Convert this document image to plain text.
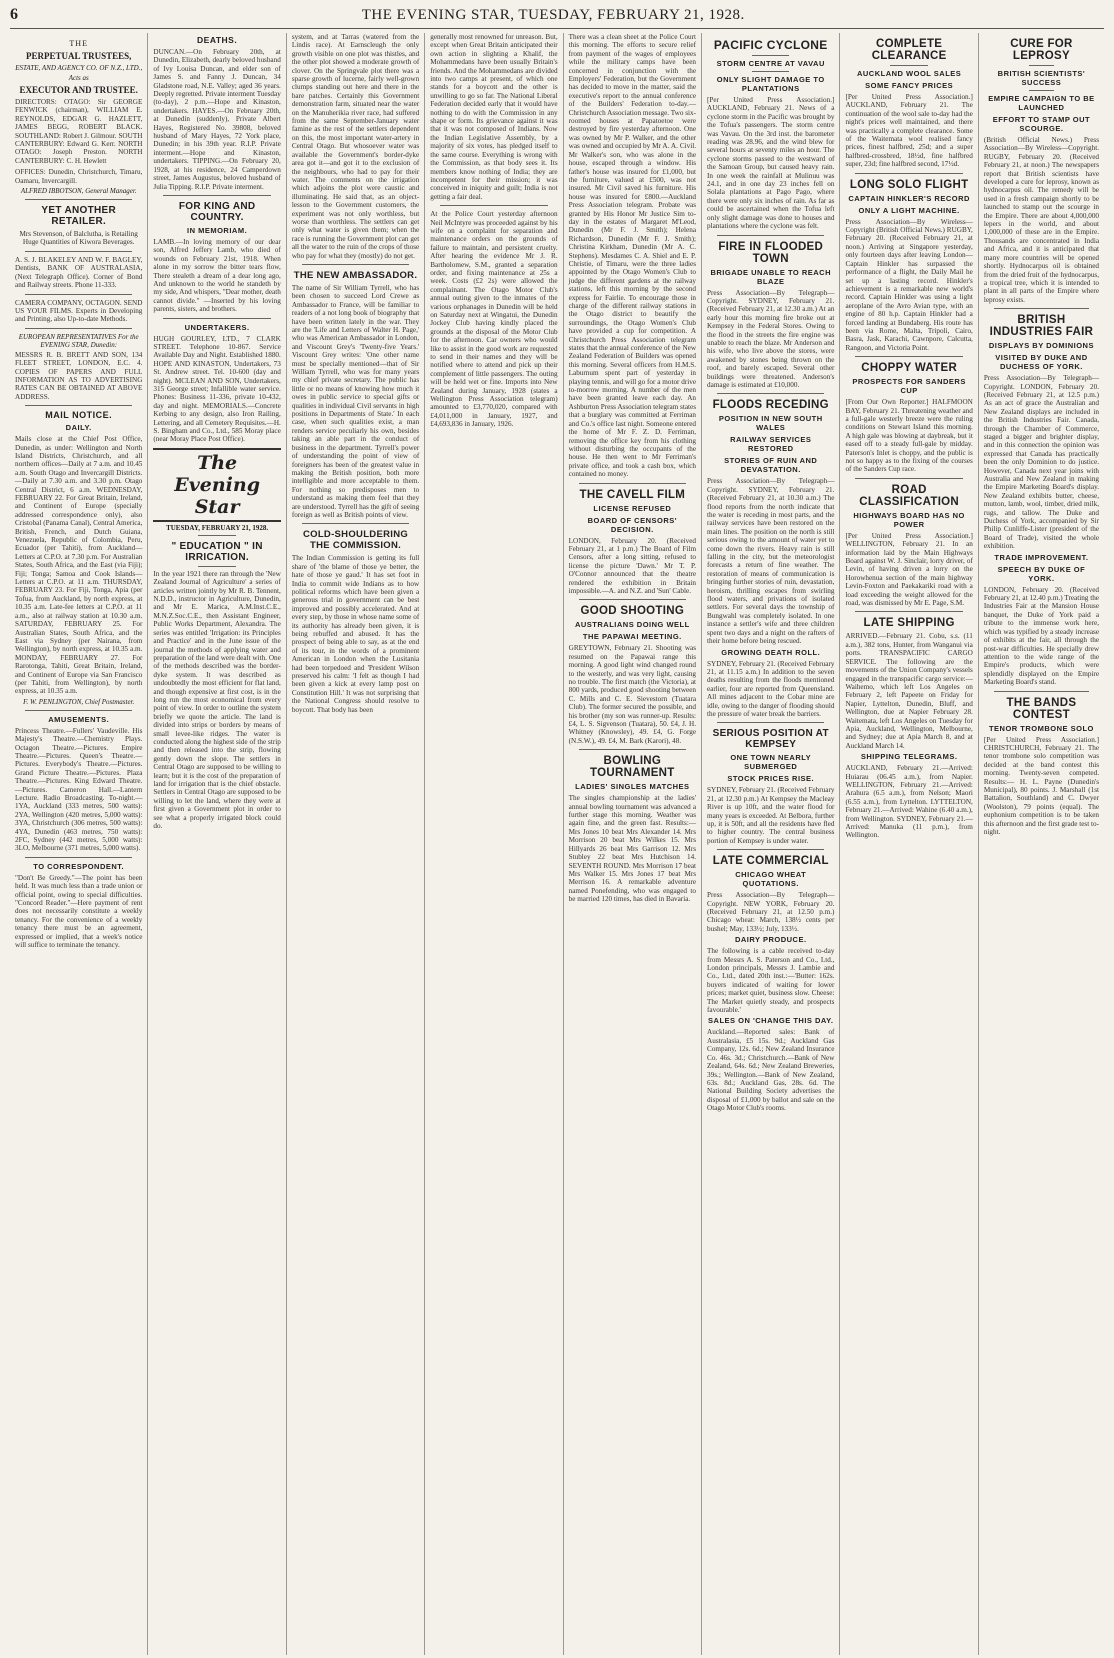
6	THE EVENING STAR, TUESDAY, FEBRUARY 21, 1928.
THE
PERPETUAL TRUSTEES,
ESTATE, AND AGENCY CO. OF N.Z., LTD.,
Acts as
EXECUTOR AND TRUSTEE.
DIRECTORS: OTAGO: Sir GEORGE FENWICK (chairman), WILLIAM E. REYNOLDS, EDGAR G. HAZLETT, JAMES BEGG, ROBERT BLACK. SOUTHLAND: Robert J. Gilmour. SOUTH CANTERBURY: Edward G. Kerr. NORTH OTAGO: Joseph Preston. NORTH CANTERBURY: C. H. Hewlett
OFFICES: Dunedin, Christchurch, Timaru, Oamaru, Invercargill.
ALFRED IBBOTSON, General Manager.
YET ANOTHER RETAILER.
Mrs Stevenson, of Balclutha, is Retailing Huge Quantities of Kiwora Beverages.
A. S. J. BLAKELEY AND W. F. BAGLEY, Dentists, BANK OF AUSTRALASIA, (Next Telegraph Office). Corner of Bond and Railway streets. Phone 11-333.
CAMERA COMPANY, OCTAGON. SEND US YOUR FILMS. Experts in Developing and Printing, also Up-to-date Methods.
EUROPEAN REPRESENTATIVES For the EVENING STAR, Dunedin:
MESSRS R. B. BRETT AND SON, 134 FLEET STREET, LONDON, E.C. 4. COPIES OF PAPERS AND FULL INFORMATION AS TO ADVERTISING RATES CAN BE OBTAINED AT ABOVE ADDRESS.
MAIL NOTICE.
DAILY.
Mails close at the Chief Post Office, Dunedin, as under: Wellington and North Island Districts, Christchurch, and all northern offices—Daily at 7 a.m. and 10.45 a.m. South Otago and Invercargill Districts.—Daily at 7.30 a.m. and 3.30 p.m. Otago Central District, 6 a.m. WEDNESDAY, FEBRUARY 22. For Great Britain, Ireland, and Continent of Europe (specially addressed correspondence only), also Cristobal (Panama Canal), Central America, British, French, and Dutch Guiana, Venezuela, Republic of Colombia, Peru, Ecuador (per Tahiti), from Auckland—Letters at C.P.O. at 7.30 p.m. For Australian States, South Africa, and the East (via Fiji); Fiji; Tonga; Samoa and Cook Islands—Letters at C.P.O. at 11 a.m. THURSDAY, FEBRUARY 23. For Fiji, Tonga, Apia (per Tofua, from Auckland, by north express, at 10.35 a.m. Late-fee letters at C.P.O. at 11 a.m., also at railway station at 10.30 a.m. SATURDAY, FEBRUARY 25. For Australian States, South Africa, and the East via Sydney (per Nairana, from Wellington), by north express, at 10.35 a.m. MONDAY, FEBRUARY 27. For Rarotonga, Tahiti, Great Britain, Ireland, and Continent of Europe via San Francisco (per Tahiti, from Wellington), by north express, at 10.35 a.m.
F. W. PENLINGTON, Chief Postmaster.
AMUSEMENTS.
Princess Theatre.—Fullers' Vaudeville. His Majesty's Theatre.—Chemistry Plays. Octagon Theatre.—Pictures. Empire Theatre.—Pictures. Queen's Theatre.—Pictures. Everybody's Theatre.—Pictures. Grand Picture Theatre.—Pictures. Plaza Theatre.—Pictures. King Edward Theatre.—Pictures. Cameron Hall.—Lantern Lecture. Radio Broadcasting. To-night.—1YA, Auckland (333 metres, 500 watts): 2YA, Wellington (420 metres, 5,000 watts): 3YA, Christchurch (306 metres, 500 watts): 4YA, Dunedin (463 metres, 750 watts): 2FC, Sydney (442 metres, 5,000 watts): 3LO, Melbourne (371 metres, 5,000 watts).
TO CORRESPONDENT.
"Don't Be Greedy."—The point has been held. It was much less than a trade union or official point, owing to special difficulties. "Concord Reader."—Here payment of rent does not necessarily constitute a weekly tenancy. For the convenience of a weekly tenancy there must be an agreement, expressed or implied, that a week's notice will suffice to terminate the tenancy.
DEATHS.
DUNCAN.—On February 20th, at Dunedin, Elizabeth, dearly beloved husband of Ivy Louisa Duncan, and elder son of James S. and Fanny J. Duncan, 34 Gladstone road, N.E. Valley; aged 36 years. Deeply regretted. Private interment Tuesday (to-day), 2 p.m.—Hope and Kinaston, undertakers. HAYES.—On February 20th, at Dunedin (suddenly), Private Albert Hayes, Registered No. 39808, beloved husband of Mary Hayes, 72 York place, Dunedin; in his 39th year. R.I.P. Private interment.—Hope and Kinaston, undertakers. TIPPING.—On February 20, 1928, at his residence, 24 Camperdown street, James Augustus, beloved husband of Julia Tipping. R.I.P. Private interment.
FOR KING AND COUNTRY.
IN MEMORIAM.
LAMB.—In loving memory of our dear son, Alfred Jeffery Lamb, who died of wounds on February 21st, 1918. When alone in my sorrow the bitter tears flow, There stealeth a dream of a dear long ago, And unknown to the world he standeth by my side, And whispers, "Dear mother, death cannot divide." —Inserted by his loving parents, sisters, and brothers.
UNDERTAKERS.
HUGH GOURLEY, LTD., 7 CLARK STREET. Telephone 10-867. Service Available Day and Night. Established 1880. HOPE AND KINASTON, Undertakers, 73 St. Andrew street. Tel. 10-600 (day and night). MCLEAN AND SON, Undertakers, 315 George street; Infallible water service. Phones: Business 11-336, private 10-432, day and night. MEMORIALS.—Concrete Kerbing to any design, also Iron Railing, Lettering, and all Cemetery Requisites.—H. S. Bingham and Co., Ltd., 585 Moray place (near Moray Place Post Office).
The Evening Star
TUESDAY, FEBRUARY 21, 1928.
" EDUCATION " IN IRRICATION.
In the year 1921 there ran through the 'New Zealand Journal of Agriculture' a series of articles written jointly by Mr R. B. Tennent, N.D.D., instructor in Agriculture, Dunedin, and Mr E. Marica, A.M.Inst.C.E., M.N.Z.Soc.C.E., then Assistant Engineer, Public Works Department, Alexandra. The series was entitled 'Irrigation: its Principles and Practice' and in the June issue of the journal the methods of applying water and preparation of the land were dealt with. One of the methods described was the border-dyke system. It was described as undoubtedly the most efficient for flat land, and though expensive at first cost, is in the long run the most economical from every point of view. In order to outline the system briefly we quote the article. The land is divided into strips or borders by means of small levee-like ridges. The water is conducted along the highest side of the strip and then released into the strip, flowing gently down the slope. The settlers in Central Otago are supposed to be willing to learn; but it is the cost of the preparation of land for irrigation that is the chief obstacle. Settlers in Central Otago are supposed to be willing to let the land, where they were at first given a Government plot in order to see what a properly irrigated block could do.
system, and at Tarras (watered from the Lindis race). At Earnscleugh the only growth visible on one plot was thistles, and the other plot showed a moderate growth of clover. On the Springvale plot there was a sparse growth of lucerne, fairly well-grown clumps standing out here and there in the bare patches. Certainly this Government demonstration farm, situated near the water on the Manuherikia river race, had suffered from the same September-January water famine as the rest of the settlers dependent on this, the most important water-artery in Central Otago. But whosoever water was available the Government's border-dyke area got it—and got it to the exclusion of the neighbours, who had to pay for their water. The comments on the irrigation which adjoins the plot were caustic and illuminating. He said that, as an object-lesson to the Government customers, the experiment was not only worthless, but worse than worthless. The settlers can get only what water is given them; when the race is running the Government plot can get all the water to the ruin of the crops of those who pay for what they (mostly) do not get.
THE NEW AMBASSADOR.
The name of Sir William Tyrrell, who has been chosen to succeed Lord Crewe as Ambassador to France, will be familiar to readers of a not long book of biography that have been written lately in the war. They are the 'Life and Letters of Walter H. Page,' who was American Ambassador in London, and Viscount Grey's 'Twenty-five Years.' Viscount Grey writes: 'One other name must be specially mentioned—that of Sir William Tyrrell, who was for many years my chief private secretary. The public has little or no means of knowing how much it owes in public service to special gifts or qualities in individual Civil servants in high positions in Departments of State.' In each case, when such qualities exist, a man renders service peculiarly his own, besides taking an able part in the conduct of business in the department. Tyrrell's power of understanding the point of view of foreigners has been of the greatest value in making the British position, both more intelligible and more acceptable to them. For nothing so predisposes men to understand as making them feel that they are understood. Tyrrell has the gift of seeing foreign as well as British points of view.
COLD-SHOULDERING THE COMMISSION.
The Indian Commission is getting its full share of 'the blame of those ye better, the hate of those ye gaud.' It has set foot in India to commit wide Indians as to how political reforms which have been given a generous trial in government can be best improved and possibly accelerated. And at every step, by those in whose name some of its authority has already been given, it is being rebuffed and abused. It has the prospect of being able to say, as at the end of its tour, in the words of a prominent American in London when the Lusitania had been torpedoed and 'President Wilson preserved his calm: 'I felt as though I had been given a kick at every lamp post on Constitution Hill.' It was not surprising that the National Congress should resolve to boycott. That body has been
generally most renowned for unreason. But, except when Great Britain anticipated their own action in slighting a Khalif, the Mohammedans have been usually Britain's friends. And the Mohammedans are divided into two camps at present, of which one stands for a boycott and the other is unwilling to go so far. The National Liberal Federation decided early that it would have nothing to do with the Commission in any shape or form. Its grievance against it was that it was not composed of Indians. Now the Indian Legislative Assembly, by a majority of six votes, has pledged itself to the same course. Everything is wrong with the Commission, as that body sees it. Its members know nothing of India; they are incompetent for their mission; it was conceived in iniquity and guilt; India is not getting a fair deal.
At the Police Court yesterday afternoon Neil McIntyre was proceeded against by his wife on a complaint for separation and maintenance orders on the grounds of failure to maintain, and persistent cruelty. After hearing the evidence Mr J. R. Bartholomew, S.M., granted a separation order, and fixing maintenance at 25s a week. Costs (£2 2s) were allowed the complainant. The Otago Motor Club's annual outing given to the inmates of the various orphanages in Dunedin will be held on Saturday next at Wingatui, the Dunedin Jockey Club having kindly placed the grounds at the disposal of the Motor Club for the afternoon. Car owners who would like to assist in the good work are requested to send in their names and they will be notified where to attend and pick up their complement of little passengers. The outing will be held wet or fine. Imports into New Zealand during January, 1928 (states a Wellington Press Association telegram) amounted to £3,770,020, compared with £4,011,000 in January, 1927, and £4,693,836 in January, 1926.
There was a clean sheet at the Police Court this morning. The efforts to secure relief from payment of the wages of employees while the military camps have been concerned in conjunction with the Employers' Federation, but the Government has decided to move in the matter, said the executive's report to the annual conference of the Builders' Federation to-day.—Christchurch Association message. Two six-roomed houses at Papatoetoe were destroyed by fire yesterday afternoon. One was owned by Mr P. Walker, and the other was owned and occupied by Mr A. A. Civil. Mr Walker's son, who was alone in the house, escaped through a window. His father's house was insured for £1,000, but the furniture, valued at £500, was not insured. Mr Civil saved his furniture. His house was insured for £800.—Auckland Press Association telegram. Probate was granted by His Honor Mr Justice Sim to-day in the estates of Margaret M'Leod, Dunedin (Mr F. J. Smith); Helena Richardson, Dunedin (Mr F. J. Smith); Christina Kirkham, Dunedin (Mr A. C. Stephens). Mesdames C. A. Shiel and E. P. Christie, of Timaru, were the three ladies appointed by the Otago Women's Club to judge the different gardens at the railway stations, left this morning by the second express for Fairlie. To encourage those in charge of the different railway stations in the Otago district to beautify the surroundings, the Otago Women's Club have provided a cup for competition. A Christchurch Press Association telegram states that the annual conference of the New Zealand Federation of Builders was opened this morning. Several officers from H.M.S. Laburnum spent part of yesterday in playing tennis, and will go for a motor drive to-morrow morning. A number of the men have been granted leave each day. An Ashburton Press Association telegram states that a burglary was committed at Ferriman and Co.'s office last night. Someone entered the home of Mr F. Z. D. Ferriman, removing the office key from his clothing without disturbing the occupants of the house. He then went to Mr Ferriman's private office, and took a cash box, which contained no money.
THE CAVELL FILM
LICENSE REFUSED
BOARD OF CENSORS' DECISION.
LONDON, February 20. (Received February 21, at 1 p.m.) The Board of Film Censors, after a long sitting, refused to license the picture 'Dawn.' Mr T. P. O'Connor announced that the theatre rendered the exhibition in Britain impossible.—A. and N.Z. and 'Sun' Cable.
GOOD SHOOTING
AUSTRALIANS DOING WELL
THE PAPAWAI MEETING.
GREYTOWN, February 21. Shooting was resumed on the Papawai range this morning. A good light wind changed round to the westerly, and was very light, causing no trouble. The first match (the Victoria), at 800 yards, produced good shooting between C. Mills and C. E. Sievestorn (Tuatara Club). The former secured the possible, and his brother (my son was runner-up. Results: £4, L. S. Sigvenson (Tuatara), 50. £4, J. H. Whitney (Knowsley), 49. £4, G. Forge (N.S.W.), 49. £4, M. Bark (Karori), 48.
BOWLING TOURNAMENT
LADIES' SINGLES MATCHES
The singles championship at the ladies' annual bowling tournament was advanced a further stage this morning. Weather was again fine, and the green fast. Results:— Mrs Jones 10 beat Mrs Alexander 14. Mrs Morrison 20 beat Mrs Wilkes 15. Mrs Hillyards 26 beat Mrs Garrison 12. Mrs Stubley 22 beat Mrs Hutchison 14. SEVENTH ROUND. Mrs Morrison 17 beat Mrs Walker 15. Mrs Jones 17 beat Mrs Merrison 16. A remarkable adventure named Ponefending, who was engaged to be married 120 times, has died in Bavaria.
PACIFIC CYCLONE
STORM CENTRE AT VAVAU
ONLY SLIGHT DAMAGE TO PLANTATIONS
[Per United Press Association.] AUCKLAND, February 21. News of a cyclone storm in the Pacific was brought by the Tofua's passengers. The storm centre was Vavau. On the 3rd inst. the barometer reading was 28.96, and the wind blew for several hours at seventy miles an hour. The cyclone storms passed to the westward of the Samoan Group, but caused heavy rain. In one week the rainfall at Mulinuu was 24.1, and in one day 23 inches fell on Solala plantations at Pago Pago, where there were only six inches of rain. As far as could be ascertained when the Tofua left only slight damage was done to houses and plantations where the cyclone was felt.
FIRE IN FLOODED TOWN
BRIGADE UNABLE TO REACH BLAZE
Press Association—By Telegraph—Copyright. SYDNEY, February 21. (Received February 21, at 12.30 a.m.) At an early hour this morning fire broke out at Kempsey in the Federal Stores. Owing to the flood in the streets the fire engine was unable to reach the blaze. Mr Anderson and his wife, who live above the stores, were awakened by stones being thrown on the roof, and barely escaped. Several other buildings were threatened. Anderson's damage is estimated at £10,000.
FLOODS RECEDING
POSITION IN NEW SOUTH WALES
RAILWAY SERVICES RESTORED
STORIES OF RUIN AND DEVASTATION.
Press Association—By Telegraph—Copyright. SYDNEY, February 21. (Received February 21, at 10.30 a.m.) The flood reports from the north indicate that the water is receding in most parts, and the railway services have been restored on the main lines. The position on the north is still serious owing to the amount of water yet to come down the rivers. Heavy rain is still falling in the city, but the meteorologist forecasts a return of fine weather. The restoration of means of communication is bringing further stories of ruin, devastation, heroism, thrilling escapes from swirling flood waters, and privations of isolated settlers. For several days the township of Bungwahl was completely isolated. In one instance a settler's wife and three children spent two days and a night on the rafters of their home before being rescued.
GROWING DEATH ROLL.
SYDNEY, February 21. (Received February 21, at 11.15 a.m.) In addition to the seven deaths resulting from the floods mentioned earlier, four are reported from Queensland. All mines adjacent to the Cobar mine are idle, owing to the danger of flooding should the pressure of water break the barriers.
SERIOUS POSITION AT KEMPSEY
ONE TOWN NEARLY SUBMERGED
STOCK PRICES RISE.
SYDNEY, February 21. (Received February 21, at 12.30 p.m.) At Kempsey the Macleay River is up 10ft, and the water flood for many years is exceeded. At Belbora, further up, it is 50ft, and all the residents have fled to higher country. The central business portion of Kempsey is under water.
LATE COMMERCIAL
CHICAGO WHEAT QUOTATIONS.
Press Association—By Telegraph—Copyright. NEW YORK, February 20. (Received February 21, at 12.50 p.m.) Chicago wheat: March, 138½ cents per bushel; May, 133½; July, 133½.
DAIRY PRODUCE.
The following is a cable received to-day from Messrs A. S. Paterson and Co., Ltd., London principals, Messrs J. Lambie and Co., Ltd., dated 20th inst.:—'Butter: 162s. buyers indicated of waiting for lower prices; market quiet, business slow. Cheese: The Market quietly steady, and prospects favourable.'
SALES ON 'CHANGE THIS DAY.
Auckland.—Reported sales: Bank of Australasia, £5 15s. 9d.; Auckland Gas Company, 12s. 6d.; New Zealand Insurance Co. 46s. 3d.; Christchurch.—Bank of New Zealand, 64s. 6d.; New Zealand Breweries, 39s.; Wellington.—Bank of New Zealand, 63s. 8d.; Auckland Gas, 28s. 6d. The National Building Society advertises the disposal of £1,000 by ballot and sale on the Otago Motor Club's rooms.
COMPLETE CLEARANCE
AUCKLAND WOOL SALES
SOME FANCY PRICES
[Per United Press Association.] AUCKLAND, February 21. The continuation of the wool sale to-day had the night's prices well maintained, and there was practically a complete clearance. Some of the Waitemata wool realised fancy prices, finest halfbred, 25d; and a super halfbred-crossbred, 18½d, fine halfbred super, 23d; fine halfbred second, 17½d.
LONG SOLO FLIGHT
CAPTAIN HINKLER'S RECORD
ONLY A LIGHT MACHINE.
Press Association—By Wireless—Copyright (British Official News.) RUGBY, February 20. (Received February 21, at noon.) Arriving at Singapore yesterday, only fourteen days after leaving London—Captain Hinkler has surpassed the performance of a flight, the Daily Mail he set up a lasting record. Hinkler's achievement is a remarkable new world's record. Captain Hinkler was using a light aeroplane of the Avro Avian type, with an engine of 80 h.p. Captain Hinkler had a forced landing at Bundaberg. His route has been via Rome, Malta, Tripoli, Cairo, Basra, Jask, Karachi, Cawnpore, Calcutta, Rangoon, and Victoria Point.
CHOPPY WATER
PROSPECTS FOR SANDERS CUP
[From Our Own Reporter.] HALFMOON BAY, February 21. Threatening weather and a full-gale westerly breeze were the ruling conditions on Stewart Island this morning. A high gale was blowing at daybreak, but it eased off to a steady full-gale by midday. Paterson's Inlet is choppy, and the public is not so happy as to the fixing of the courses of the Sanders Cup race.
ROAD CLASSIFICATION
HIGHWAYS BOARD HAS NO POWER
[Per United Press Association.] WELLINGTON, February 21. In an information laid by the Main Highways Board against W. J. Sinclair, lorry driver, of Levin, of having driven a lorry on the Horowhenua section of the main highway Levin-Foxton and Paekakariki road with a load exceeding the weight allowed for the road, was dismissed by Mr E. Page, S.M.
LATE SHIPPING
ARRIVED.—February 21. Cobu, s.s. (11 a.m.), 382 tons, Hunter, from Wanganui via ports. TRANSPACIFIC CARGO SERVICE. The following are the movements of the Union Company's vessels engaged in the transpacific cargo service:— Waihemo, which left Los Angeles on February 2, left Papeete on Friday for Napier, Lyttelton, Dunedin, Bluff, and Wellington, due at Napier February 28. Waitemata, left Los Angeles on Tuesday for Apia, Auckland, Wellington, Melbourne, and Sydney; due at Apia March 8, and at Auckland March 14.
SHIPPING TELEGRAMS.
AUCKLAND, February 21.—Arrived: Huiarau (06.45 a.m.), from Napier. WELLINGTON, February 21.—Arrived: Arahura (6.5 a.m.), from Nelson; Maori (6.55 a.m.), from Lyttelton. LYTTELTON, February 21.—Arrived: Wahine (6.40 a.m.), from Wellington. SYDNEY, February 21.—Arrived: Manuka (11 p.m.), from Wellington.
CURE FOR LEPROSY
BRITISH SCIENTISTS' SUCCESS
EMPIRE CAMPAIGN TO BE LAUNCHED
EFFORT TO STAMP OUT SCOURGE.
(British Official News.) Press Association—By Wireless—Copyright. RUGBY, February 20. (Received February 21, at noon.) The newspapers report that British scientists have developed a cure for leprosy, known as hydnocarpus oil. The remedy will be used in a fresh campaign shortly to be launched to stamp out the scourge in the Empire. There are about 4,000,000 lepers in the world, and about 1,000,000 of these are in the Empire. Thousands are concentrated in India and Africa, and it is anticipated that many more countries will be opened shortly. Hydnocarpus oil is obtained from the dried fruit of the hydnocarpus, a tropical tree, which it is intended to plant in all parts of the Empire where leprosy exists.
BRITISH INDUSTRIES FAIR
DISPLAYS BY DOMINIONS
VISITED BY DUKE AND DUCHESS OF YORK.
Press Association—By Telegraph—Copyright. LONDON, February 20. (Received February 21, at 12.5 p.m.) As an act of grace the Australian and New Zealand displays are included in the British Industries Fair. Canada, through the Chamber of Commerce, staged a bigger and brighter display, and in this connection the opinion was expressed that Canada has practically been the only Dominion to do justice. However, Canada next year joins with Australia and New Zealand in making the Empire Marketing Board's display. New Zealand exhibits butter, cheese, mutton, lamb, wool, timber, dried milk, rugs, and tallow. The Duke and Duchess of York, accompanied by Sir Philip Cunliffe-Lister (president of the Board of Trade), visited the whole exhibition.
TRADE IMPROVEMENT.
SPEECH BY DUKE OF YORK.
LONDON, February 20. (Received February 21, at 12.40 p.m.) Treating the Industries Fair at the Mansion House banquet, the Duke of York paid a tribute to the immense work here, which was typified by a steady increase of exhibits at the fair, all through the post-war difficulties. He specially drew attention to the wide range of the Empire's products, which were splendidly displayed on the Empire Marketing Board's stand.
THE BANDS CONTEST
TENOR TROMBONE SOLO
[Per United Press Association.] CHRISTCHURCH, February 21. The tenor trombone solo competition was decided at the band contest this morning. Twenty-seven competed. Results:— H. L. Payne (Dunedin's Municipal), 80 points. J. Marshall (1st Battalion, Southland) and C. Dwyer (Woolston), 79 points (equal). The euphonium competition is to be taken this afternoon and the first grade test to-night.
